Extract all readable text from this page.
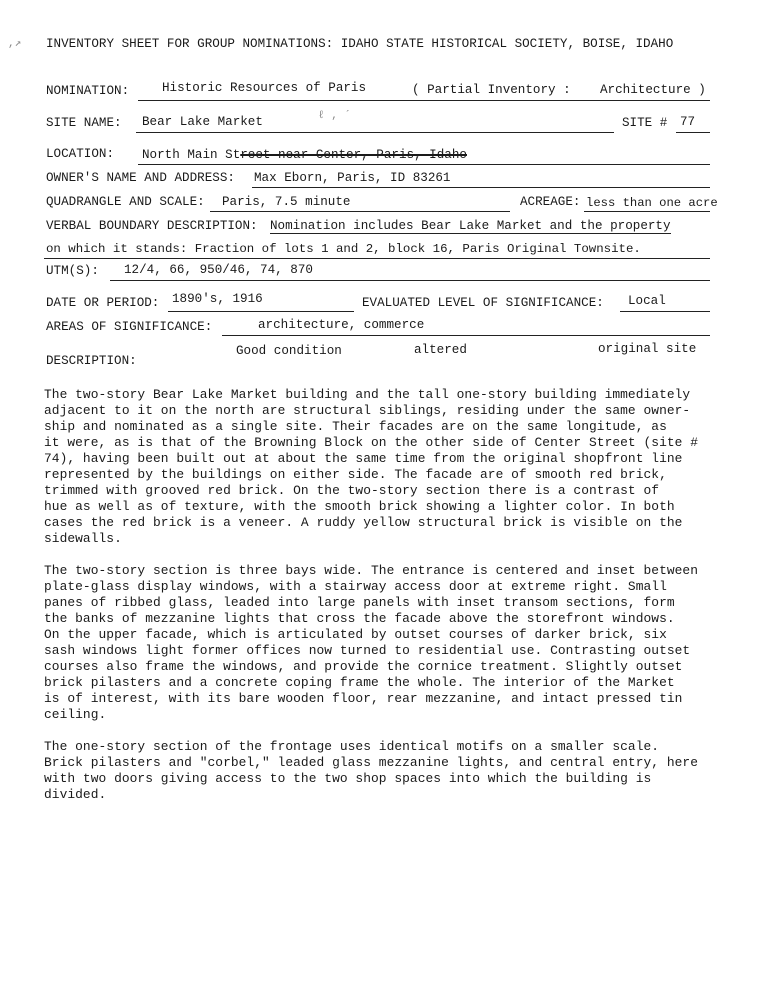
,↗ INVENTORY SHEET FOR GROUP NOMINATIONS: IDAHO STATE HISTORICAL SOCIETY, BOISE, IDAHO
NOMINATION:	Historic Resources of Paris	( Partial Inventory : Architecture )
SITE NAME: Bear Lake Market	ℓ , ´	SITE # 77
LOCATION: North Main Street near Center, Paris, Idaho
OWNER'S NAME AND ADDRESS: Max Eborn, Paris, ID 83261
QUADRANGLE AND SCALE: Paris, 7.5 minute	ACREAGE: less than one acre
VERBAL BOUNDARY DESCRIPTION: Nomination includes Bear Lake Market and the property
on which it stands: Fraction of lots 1 and 2, block 16, Paris Original Townsite.
UTM(S): 12/4, 66, 950/46, 74, 870
DATE OR PERIOD: 1890's, 1916	EVALUATED LEVEL OF SIGNIFICANCE: Local
AREAS OF SIGNIFICANCE:	architecture, commerce
DESCRIPTION:
Good condition	altered	original site

The two-story Bear Lake Market building and the tall one-story building immediately
adjacent to it on the north are structural siblings, residing under the same owner-
ship and nominated as a single site. Their facades are on the same longitude, as
it were, as is that of the Browning Block on the other side of Center Street (site #
74), having been built out at about the same time from the original shopfront line
represented by the buildings on either side. The facade are of smooth red brick,
trimmed with grooved red brick. On the two-story section there is a contrast of
hue as well as of texture, with the smooth brick showing a lighter color. In both
cases the red brick is a veneer. A ruddy yellow structural brick is visible on the
sidewalls.

The two-story section is three bays wide. The entrance is centered and inset between
plate-glass display windows, with a stairway access door at extreme right. Small
panes of ribbed glass, leaded into large panels with inset transom sections, form
the banks of mezzanine lights that cross the facade above the storefront windows.
On the upper facade, which is articulated by outset courses of darker brick, six
sash windows light former offices now turned to residential use. Contrasting outset
courses also frame the windows, and provide the cornice treatment. Slightly outset
brick pilasters and a concrete coping frame the whole. The interior of the Market
is of interest, with its bare wooden floor, rear mezzanine, and intact pressed tin
ceiling.

The one-story section of the frontage uses identical motifs on a smaller scale.
Brick pilasters and "corbel," leaded glass mezzanine lights, and central entry, here
with two doors giving access to the two shop spaces into which the building is
divided.
